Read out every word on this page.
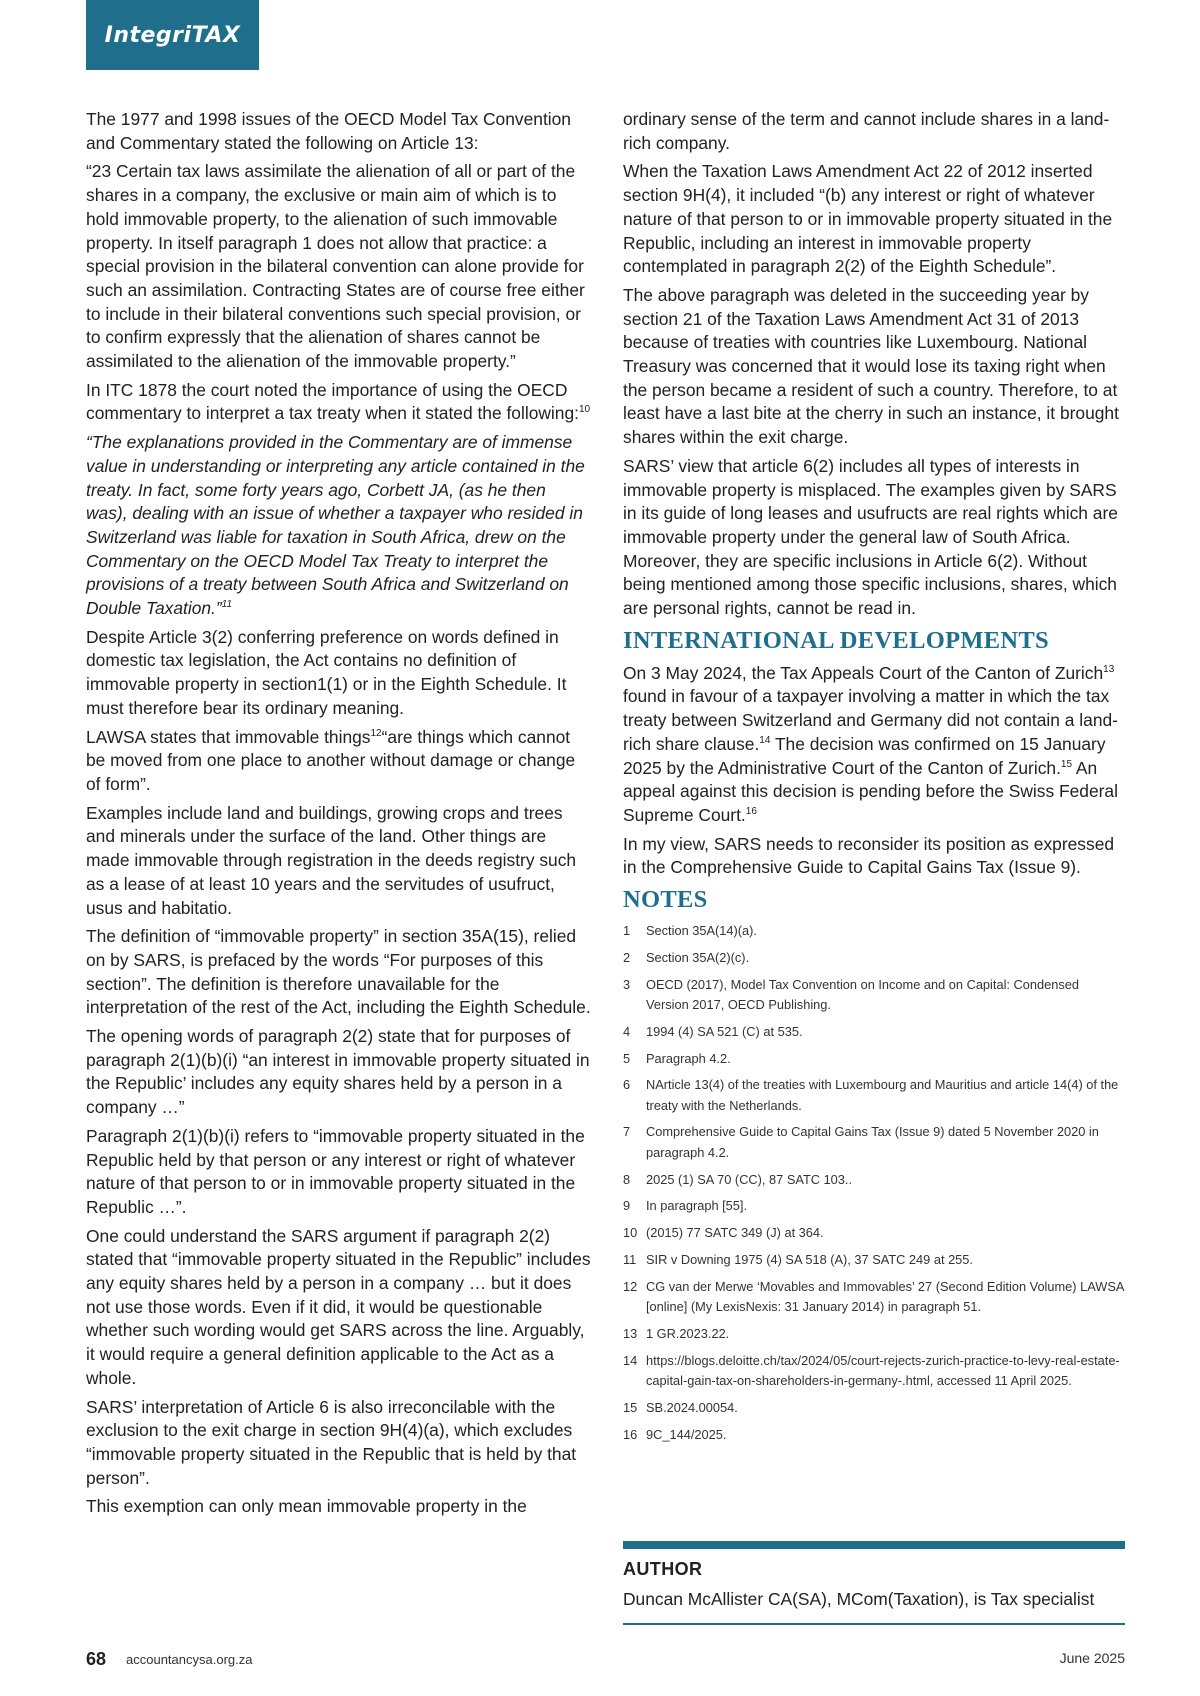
IntegriTAX

The 1977 and 1998 issues of the OECD Model Tax Convention and Commentary stated the following on Article 13:

“23 Certain tax laws assimilate the alienation of all or part of the shares in a company, the exclusive or main aim of which is to hold immovable property, to the alienation of such immovable property. In itself paragraph 1 does not allow that practice: a special provision in the bilateral convention can alone provide for such an assimilation. Contracting States are of course free either to include in their bilateral conventions such special provision, or to confirm expressly that the alienation of shares cannot be assimilated to the alienation of the immovable property.”

In ITC 1878 the court noted the importance of using the OECD commentary to interpret a tax treaty when it stated the following:$^{10}$

“The explanations provided in the Commentary are of immense value in understanding or interpreting any article contained in the treaty. In fact, some forty years ago, Corbett JA, (as he then was), dealing with an issue of whether a taxpayer who resided in Switzerland was liable for taxation in South Africa, drew on the Commentary on the OECD Model Tax Treaty to interpret the provisions of a treaty between South Africa and Switzerland on Double Taxation.”$^{11}$

Despite Article 3(2) conferring preference on words defined in domestic tax legislation, the Act contains no definition of immovable property in section1(1) or in the Eighth Schedule. It must therefore bear its ordinary meaning.

LAWSA states that immovable things$^{12}$“are things which cannot be moved from one place to another without damage or change of form”.

Examples include land and buildings, growing crops and trees and minerals under the surface of the land. Other things are made immovable through registration in the deeds registry such as a lease of at least 10 years and the servitudes of usufruct, usus and habitatio.

The definition of “immovable property” in section 35A(15), relied on by SARS, is prefaced by the words “For purposes of this section”. The definition is therefore unavailable for the interpretation of the rest of the Act, including the Eighth Schedule.

The opening words of paragraph 2(2) state that for purposes of paragraph 2(1)(b)(i) “an interest in immovable property situated in the Republic’ includes any equity shares held by a person in a company …”

Paragraph 2(1)(b)(i) refers to “immovable property situated in the Republic held by that person or any interest or right of whatever nature of that person to or in immovable property situated in the Republic …”.

One could understand the SARS argument if paragraph 2(2) stated that “immovable property situated in the Republic” includes any equity shares held by a person in a company … but it does not use those words. Even if it did, it would be questionable whether such wording would get SARS across the line. Arguably, it would require a general definition applicable to the Act as a whole.

SARS’ interpretation of Article 6 is also irreconcilable with the exclusion to the exit charge in section 9H(4)(a), which excludes “immovable property situated in the Republic that is held by that person”.

This exemption can only mean immovable property in the

ordinary sense of the term and cannot include shares in a land-rich company.

When the Taxation Laws Amendment Act 22 of 2012 inserted section 9H(4), it included “(b) any interest or right of whatever nature of that person to or in immovable property situated in the Republic, including an interest in immovable property contemplated in paragraph 2(2) of the Eighth Schedule”.

The above paragraph was deleted in the succeeding year by section 21 of the Taxation Laws Amendment Act 31 of 2013 because of treaties with countries like Luxembourg. National Treasury was concerned that it would lose its taxing right when the person became a resident of such a country. Therefore, to at least have a last bite at the cherry in such an instance, it brought shares within the exit charge.

SARS’ view that article 6(2) includes all types of interests in immovable property is misplaced. The examples given by SARS in its guide of long leases and usufructs are real rights which are immovable property under the general law of South Africa. Moreover, they are specific inclusions in Article 6(2). Without being mentioned among those specific inclusions, shares, which are personal rights, cannot be read in.

INTERNATIONAL DEVELOPMENTS

On 3 May 2024, the Tax Appeals Court of the Canton of Zurich$^{13}$ found in favour of a taxpayer involving a matter in which the tax treaty between Switzerland and Germany did not contain a land-rich share clause.$^{14}$ The decision was confirmed on 15 January 2025 by the Administrative Court of the Canton of Zurich.$^{15}$ An appeal against this decision is pending before the Swiss Federal Supreme Court.$^{16}$

In my view, SARS needs to reconsider its position as expressed in the Comprehensive Guide to Capital Gains Tax (Issue 9).

NOTES
1	Section 35A(14)(a).
2	Section 35A(2)(c).
3	OECD (2017), Model Tax Convention on Income and on Capital: Condensed Version 2017, OECD Publishing.
4	1994 (4) SA 521 (C) at 535.
5	Paragraph 4.2.
6	NArticle 13(4) of the treaties with Luxembourg and Mauritius and article 14(4) of the treaty with the Netherlands.
7	Comprehensive Guide to Capital Gains Tax (Issue 9) dated 5 November 2020 in paragraph 4.2.
8	2025 (1) SA 70 (CC), 87 SATC 103..
9	In paragraph [55].
10 (2015) 77 SATC 349 (J) at 364.
11 SIR v Downing 1975 (4) SA 518 (A), 37 SATC 249 at 255.
12 CG van der Merwe ‘Movables and Immovables’ 27 (Second Edition Volume) LAWSA [online] (My LexisNexis: 31 January 2014) in paragraph 51.
13 1 GR.2023.22.
14 https://blogs.deloitte.ch/tax/2024/05/court-rejects-zurich-practice-to-levy-real-estate-capital-gain-tax-on-shareholders-in-germany-.html, accessed 11 April 2025.
15 SB.2024.00054.
16 9C_144/2025.
AUTHOR
Duncan McAllister CA(SA), MCom(Taxation), is Tax specialist
68 accountancysa.org.za	June 2025
